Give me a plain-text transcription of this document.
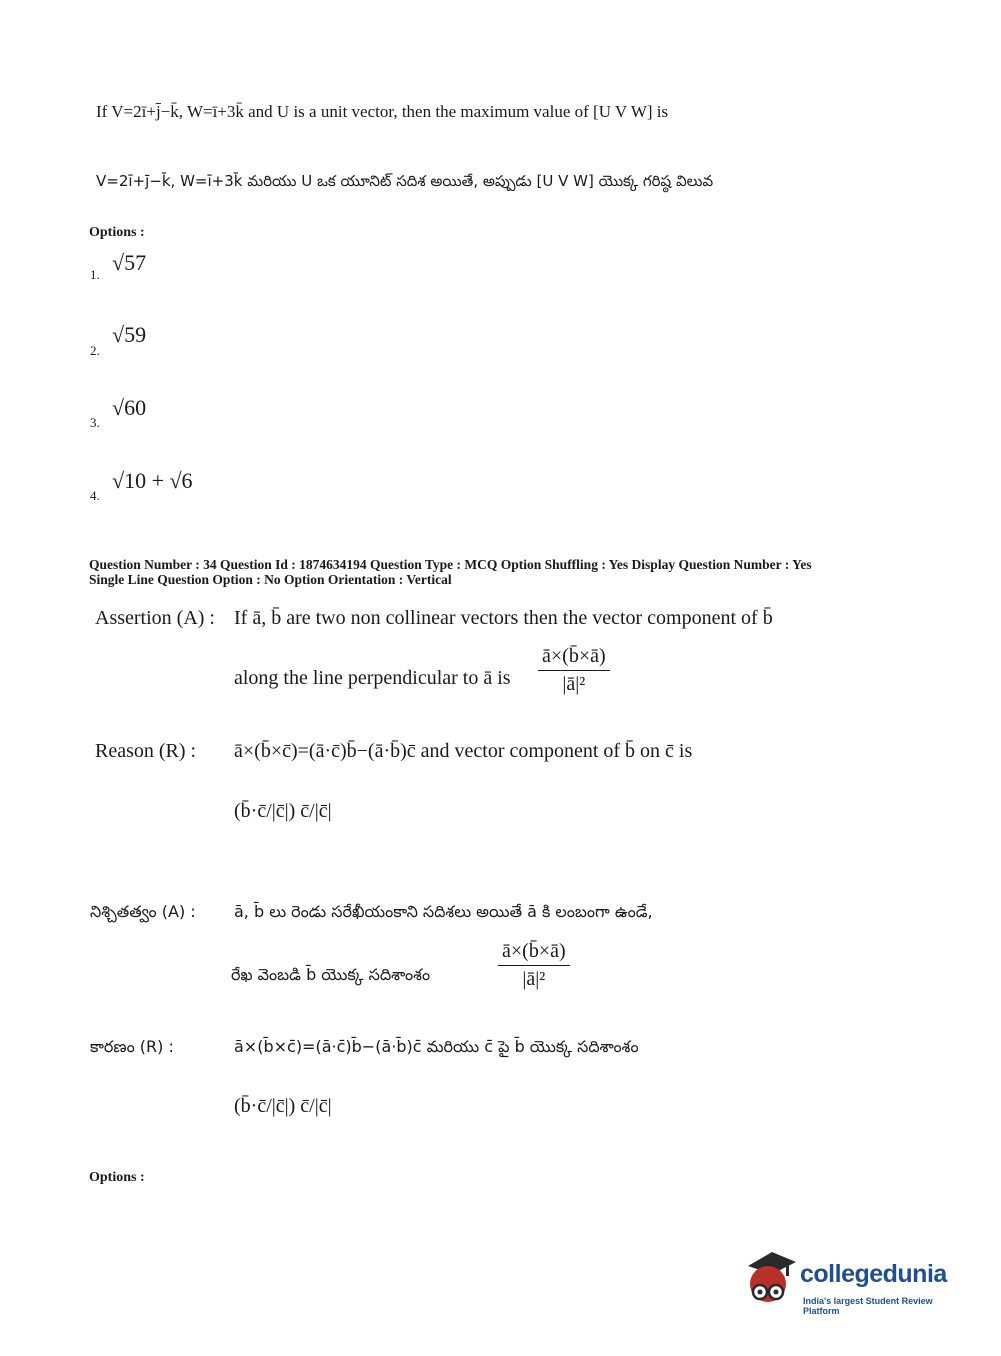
If V=2ī+j̄−k̄, W=ī+3k̄ and U is a unit vector, then the maximum value of [U V W] is
V=2ī+j̄−k̄, W=ī+3k̄ మరియు U ఒక యూనిట్ సదిశ అయితే, అప్పుడు [U V W] యొక్క గరిష్ఠ విలువ
Options :
1. √57
2.
√59
3.
√60
4.
√10 + √6
Question Number : 34 Question Id : 1874634194 Question Type : MCQ Option Shuffling : Yes Display Question Number : Yes
Single Line Question Option : No Option Orientation : Vertical
Assertion (A) : If ā, b̄ are two non collinear vectors then the vector component of b̄
along the line perpendicular to ā is $\frac{ā\times(b̄\times ā)}{\text{|ā|²}}$
Reason (R) : ā×(b̄×c̄)=(ā·c̄)b̄−(ā·b̄)c̄ and vector component of b̄ on c̄ is
(b̄·c̄/|c̄|) c̄/|c̄|
నిశ్చితత్వం (A) : ā, b̄ లు రెండు సరేఖీయంకాని సదిశలు అయితే ā కి లంబంగా ఉండే,
రేఖ వెంబడి b̄ యొక్క సదిశాంశం	$\frac{ā\times(b̄\times ā)}{\text{|ā|²}}$
కారణం (R) :	ā×(b̄×c̄)=(ā·c̄)b̄−(ā·b̄)c̄ మరియు c̄ పై b̄ యొక్క సదిశాంశం
(b̄·c̄/|c̄|) c̄/|c̄|
Options :
collegedunia
India's largest Student Review Platform
